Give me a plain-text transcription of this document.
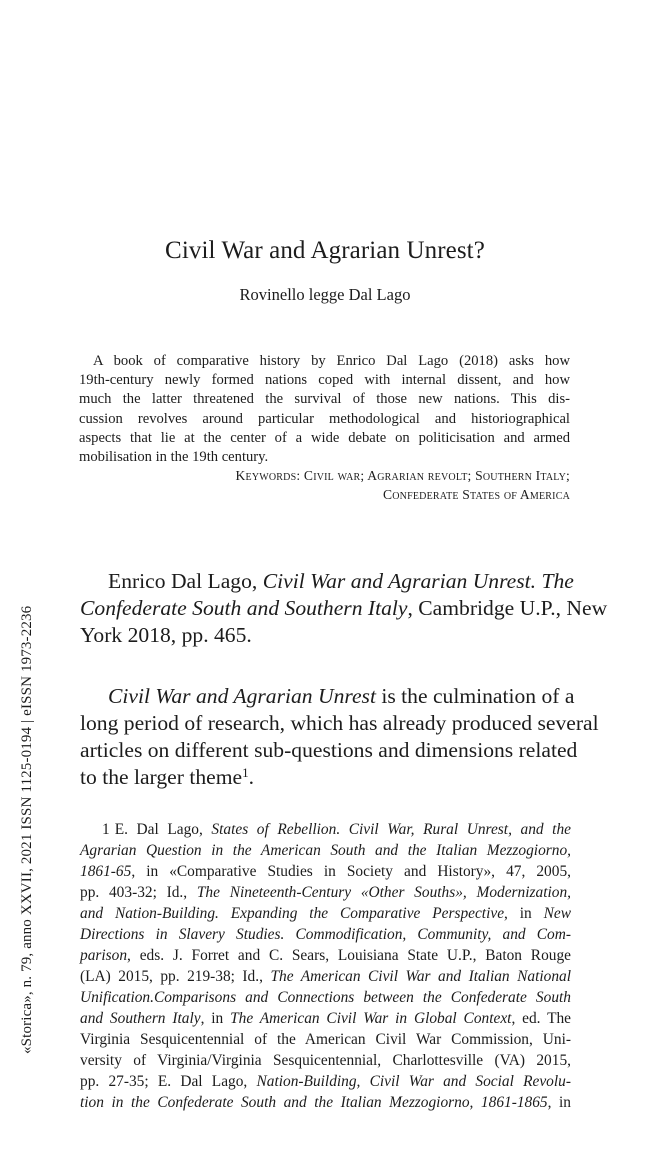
Civil War and Agrarian Unrest?
Rovinello legge Dal Lago
A book of comparative history by Enrico Dal Lago (2018) asks how
19th-century newly formed nations coped with internal dissent, and how
much the latter threatened the survival of those new nations. This dis-
cussion revolves around particular methodological and historiographical
aspects that lie at the center of a wide debate on politicisation and armed
mobilisation in the 19th century.
Keywords: Civil war; Agrarian revolt; Southern Italy;
Confederate States of America
Enrico Dal Lago, Civil War and Agrarian Unrest. The
Confederate South and Southern Italy, Cambridge U.P., New
York 2018, pp. 465.
Civil War and Agrarian Unrest is the culmination of a
long period of research, which has already produced several
articles on different sub-questions and dimensions related
to the larger theme$^1$.
1 E. Dal Lago, States of Rebellion. Civil War, Rural Unrest, and the
Agrarian Question in the American South and the Italian Mezzogiorno,
1861-65, in «Comparative Studies in Society and History», 47, 2005,
pp. 403-32; Id., The Nineteenth-Century «Other Souths», Modernization,
and Nation-Building. Expanding the Comparative Perspective, in New
Directions in Slavery Studies. Commodification, Community, and Com-
parison, eds. J. Forret and C. Sears, Louisiana State U.P., Baton Rouge
(LA) 2015, pp. 219-38; Id., The American Civil War and Italian National
Unification.Comparisons and Connections between the Confederate South
and Southern Italy, in The American Civil War in Global Context, ed. The
Virginia Sesquicentennial of the American Civil War Commission, Uni-
versity of Virginia/Virginia Sesquicentennial, Charlottesville (VA) 2015,
pp. 27-35; E. Dal Lago, Nation-Building, Civil War and Social Revolu-
tion in the Confederate South and the Italian Mezzogiorno, 1861-1865, in
«Storica», n. 79, anno XXVII, 2021 ISSN 1125-0194 | eISSN 1973-2236
